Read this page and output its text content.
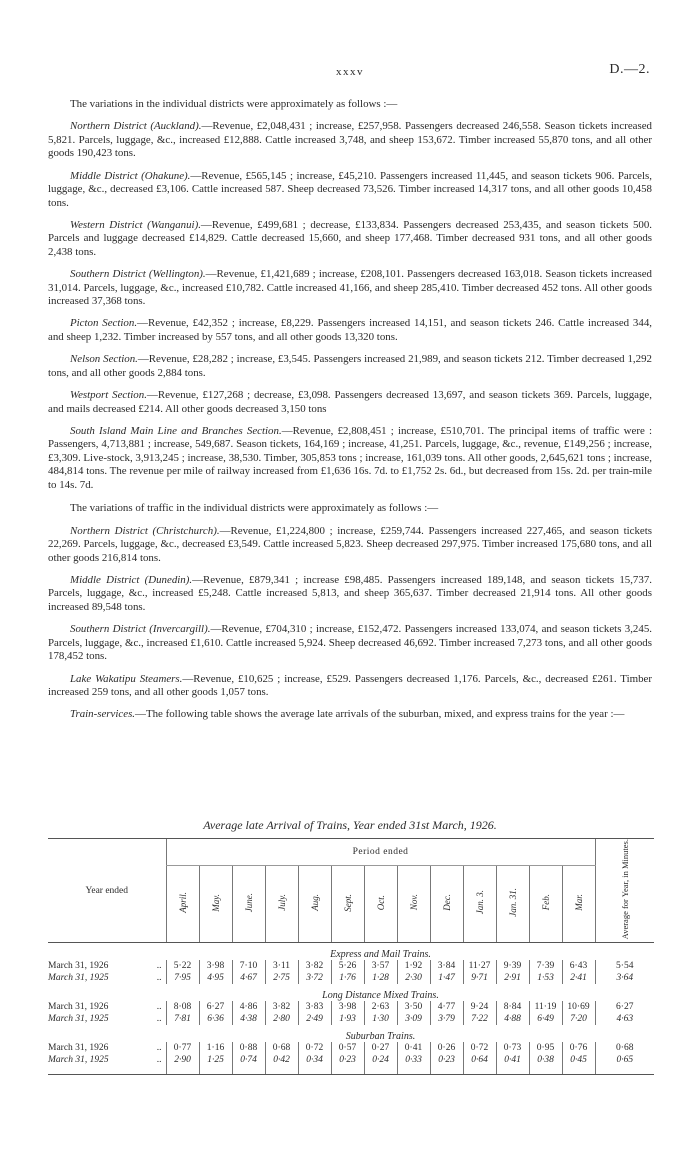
xxxv	D.—2.

The variations in the individual districts were approximately as follows :—

Northern District (Auckland).—Revenue, £2,048,431 ; increase, £257,958. Passengers decreased 246,558. Season tickets increased 5,821. Parcels, luggage, &c., increased £12,888. Cattle increased 3,748, and sheep 153,672. Timber increased 55,870 tons, and all other goods 190,423 tons.

Middle District (Ohakune).—Revenue, £565,145 ; increase, £45,210. Passengers increased 11,445, and season tickets 906. Parcels, luggage, &c., decreased £3,106. Cattle increased 587. Sheep decreased 73,526. Timber increased 14,317 tons, and all other goods 10,458 tons.

Western District (Wanganui).—Revenue, £499,681 ; decrease, £133,834. Passengers decreased 253,435, and season tickets 500. Parcels and luggage decreased £14,829. Cattle decreased 15,660, and sheep 177,468. Timber decreased 931 tons, and all other goods 2,438 tons.

Southern District (Wellington).—Revenue, £1,421,689 ; increase, £208,101. Passengers decreased 163,018. Season tickets increased 31,014. Parcels, luggage, &c., increased £10,782. Cattle increased 41,166, and sheep 285,410. Timber decreased 452 tons. All other goods increased 37,368 tons.

Picton Section.—Revenue, £42,352 ; increase, £8,229. Passengers increased 14,151, and season tickets 246. Cattle increased 344, and sheep 1,232. Timber increased by 557 tons, and all other goods 13,320 tons.

Nelson Section.—Revenue, £28,282 ; increase, £3,545. Passengers increased 21,989, and season tickets 212. Timber decreased 1,292 tons, and all other goods 2,884 tons.

Westport Section.—Revenue, £127,268 ; decrease, £3,098. Passengers decreased 13,697, and season tickets 369. Parcels, luggage, and mails decreased £214. All other goods decreased 3,150 tons

South Island Main Line and Branches Section.—Revenue, £2,808,451 ; increase, £510,701. The principal items of traffic were : Passengers, 4,713,881 ; increase, 549,687. Season tickets, 164,169 ; increase, 41,251. Parcels, luggage, &c., revenue, £149,256 ; increase, £3,309. Live-stock, 3,913,245 ; increase, 38,530. Timber, 305,853 tons ; increase, 161,039 tons. All other goods, 2,645,621 tons ; increase, 484,814 tons. The revenue per mile of railway increased from £1,636 16s. 7d. to £1,752 2s. 6d., but decreased from 15s. 2d. per train-mile to 14s. 7d.

The variations of traffic in the individual districts were approximately as follows :—

Northern District (Christchurch).—Revenue, £1,224,800 ; increase, £259,744. Passengers increased 227,465, and season tickets 22,269. Parcels, luggage, &c., decreased £3,549. Cattle increased 5,823. Sheep decreased 297,975. Timber increased 175,680 tons, and all other goods 216,814 tons.

Middle District (Dunedin).—Revenue, £879,341 ; increase £98,485. Passengers increased 189,148, and season tickets 15,737. Parcels, luggage, &c., increased £5,248. Cattle increased 5,813, and sheep 365,637. Timber decreased 21,914 tons. All other goods increased 89,548 tons.

Southern District (Invercargill).—Revenue, £704,310 ; increase, £152,472. Passengers increased 133,074, and season tickets 3,245. Parcels, luggage, &c., increased £1,610. Cattle increased 5,924. Sheep decreased 46,692. Timber increased 7,273 tons, and all other goods 178,452 tons.

Lake Wakatipu Steamers.—Revenue, £10,625 ; increase, £529. Passengers decreased 1,176. Parcels, &c., decreased £261. Timber increased 259 tons, and all other goods 1,057 tons.

Train-services.—The following table shows the average late arrivals of the suburban, mixed, and express trains for the year :—

Average late Arrival of Trains, Year ended 31st March, 1926.
Year ended		Period ended													Average for Year, in Minutes.
		April.	May.	June.	July.	Aug.	Sept.	Oct.	Nov.	Dec.	Jan. 3.	Jan. 31.	Feb.	Mar.	
		Express and Mail Trains.													
March 31, 1926	..	5·22	3·98	7·10	3·11	3·82	5·26	3·57	1·92	3·84	11·27	9·39	7·39	6·43	5·54
March 31, 1925	..	7·95	4·95	4·67	2·75	3·72	1·76	1·28	2·30	1·47	9·71	2·91	1·53	2·41	3·64
		Long Distance Mixed Trains.													
March 31, 1926	..	8·08	6·27	4·86	3·82	3·83	3·98	2·63	3·50	4·77	9·24	8·84	11·19	10·69	6·27
March 31, 1925	..	7·81	6·36	4·38	2·80	2·49	1·93	1·30	3·09	3·79	7·22	4·88	6·49	7·20	4·63
		Suburban Trains.													
March 31, 1926	..	0·77	1·16	0·88	0·68	0·72	0·57	0·27	0·41	0·26	0·72	0·73	0·95	0·76	0·68
March 31, 1925	..	2·90	1·25	0·74	0·42	0·34	0·23	0·24	0·33	0·23	0·64	0·41	0·38	0·45	0·65
